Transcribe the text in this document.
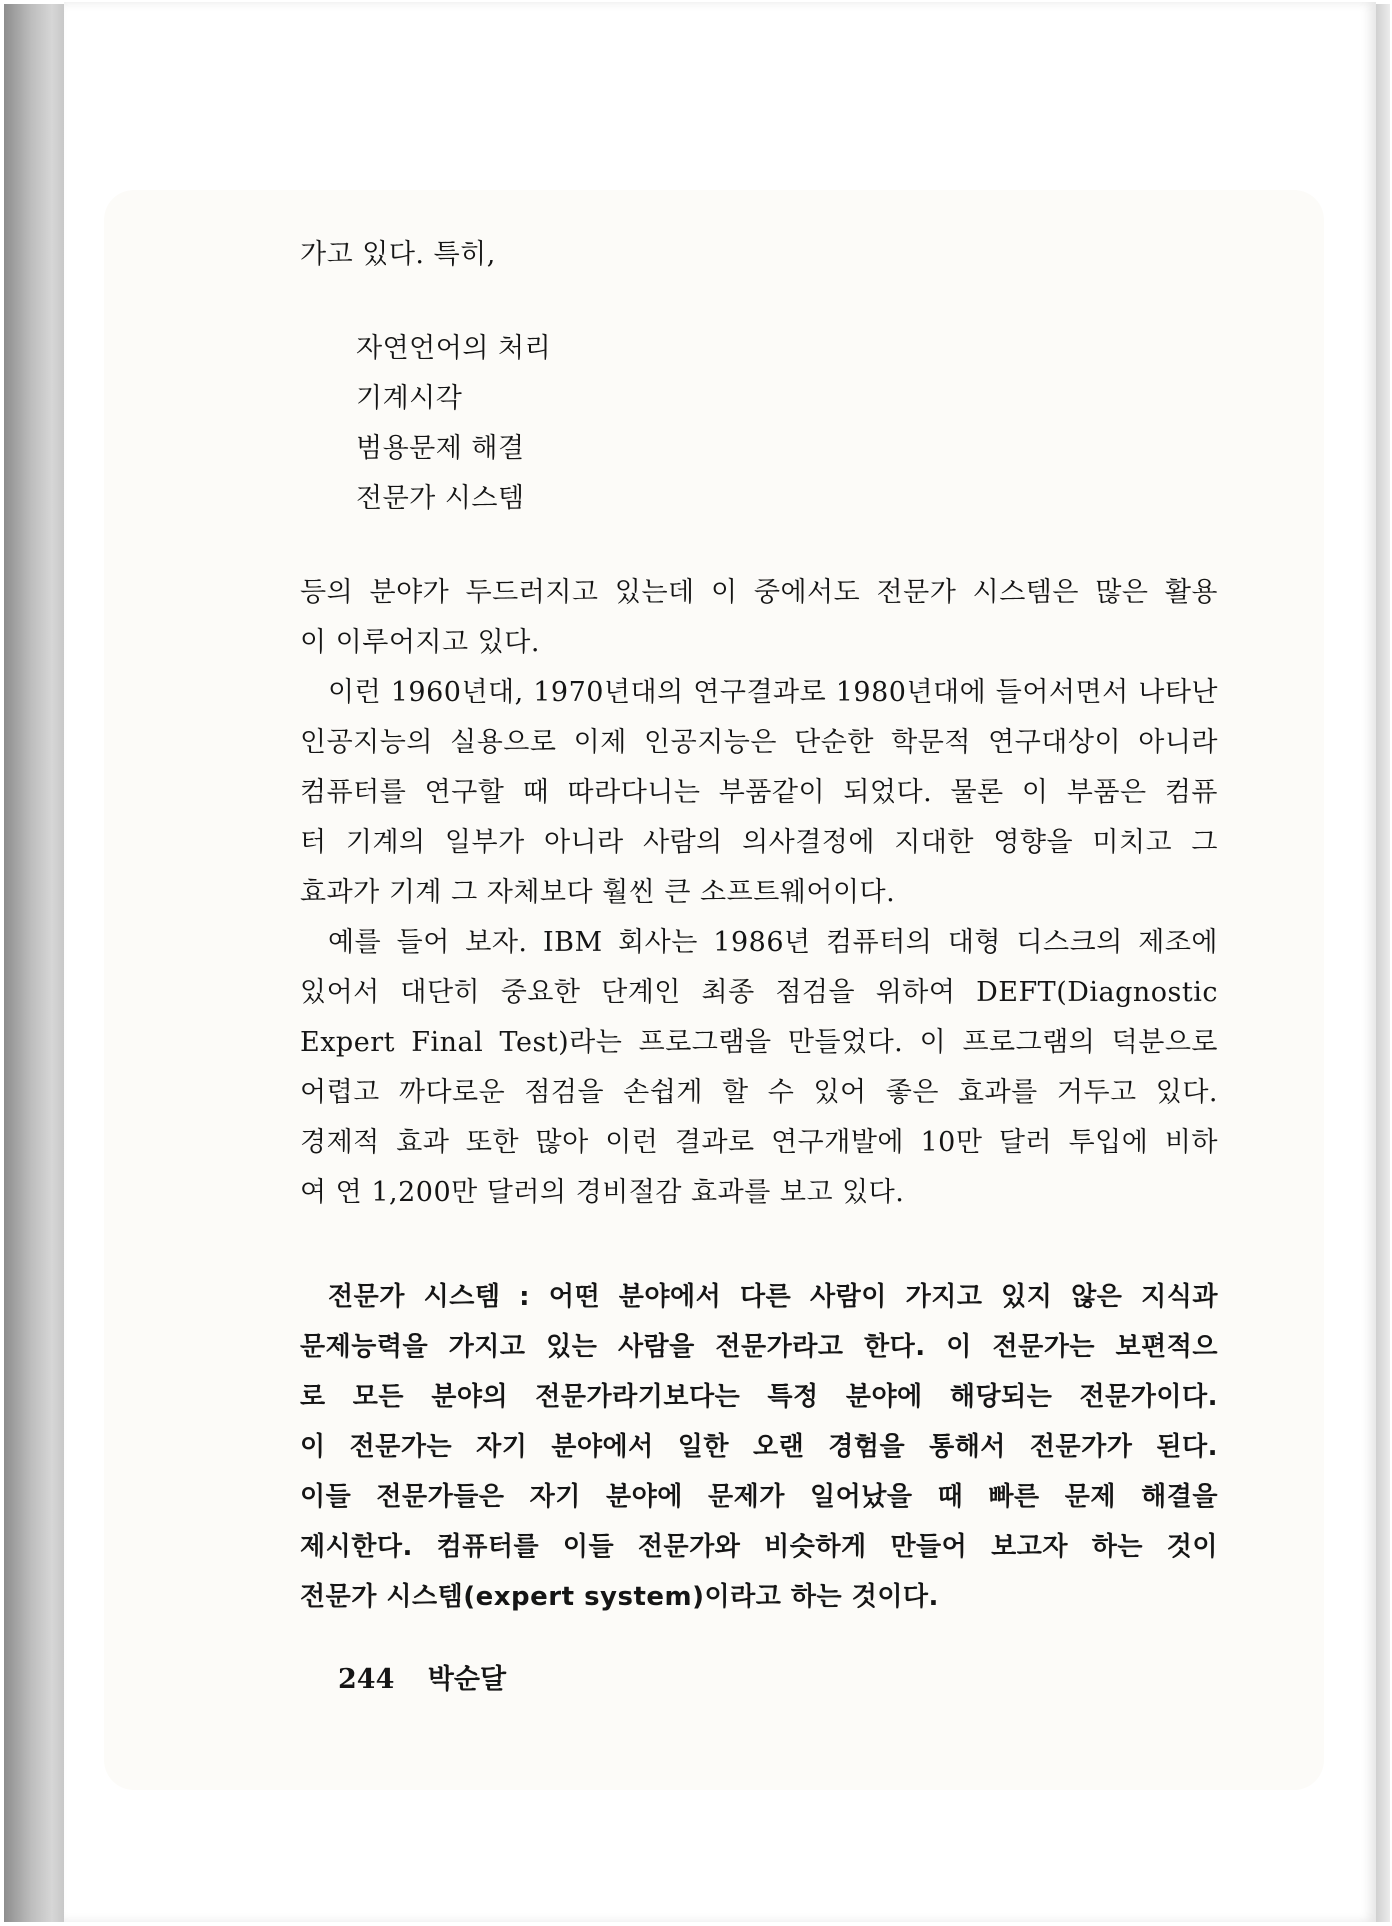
가고 있다. 특히,
자연언어의 처리
기계시각
범용문제 해결
전문가 시스템
등의 분야가 두드러지고 있는데 이 중에서도 전문가 시스템은 많은 활용
이 이루어지고 있다.
이런 1960년대, 1970년대의 연구결과로 1980년대에 들어서면서 나타난
인공지능의 실용으로 이제 인공지능은 단순한 학문적 연구대상이 아니라
컴퓨터를 연구할 때 따라다니는 부품같이 되었다. 물론 이 부품은 컴퓨
터 기계의 일부가 아니라 사람의 의사결정에 지대한 영향을 미치고 그
효과가 기계 그 자체보다 훨씬 큰 소프트웨어이다.
예를 들어 보자. IBM 회사는 1986년 컴퓨터의 대형 디스크의 제조에
있어서 대단히 중요한 단계인 최종 점검을 위하여 DEFT(Diagnostic
Expert Final Test)라는 프로그램을 만들었다. 이 프로그램의 덕분으로
어렵고 까다로운 점검을 손쉽게 할 수 있어 좋은 효과를 거두고 있다.
경제적 효과 또한 많아 이런 결과로 연구개발에 10만 달러 투입에 비하
여 연 1,200만 달러의 경비절감 효과를 보고 있다.
전문가 시스템 : 어떤 분야에서 다른 사람이 가지고 있지 않은 지식과
문제능력을 가지고 있는 사람을 전문가라고 한다. 이 전문가는 보편적으
로 모든 분야의 전문가라기보다는 특정 분야에 해당되는 전문가이다.
이 전문가는 자기 분야에서 일한 오랜 경험을 통해서 전문가가 된다.
이들 전문가들은 자기 분야에 문제가 일어났을 때 빠른 문제 해결을
제시한다. 컴퓨터를 이들 전문가와 비슷하게 만들어 보고자 하는 것이
전문가 시스템(expert system)이라고 하는 것이다.
244 박순달
